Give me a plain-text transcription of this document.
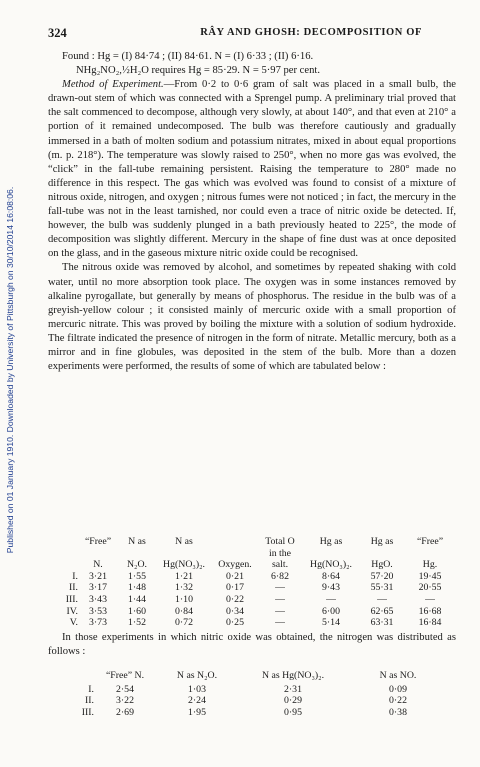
Published on 01 January 1910. Downloaded by University of Pittsburgh on 30/10/2014 16:08:06.
324	RÂY AND GHOSH: DECOMPOSITION OF

Found : Hg = (I) 84·74 ; (II) 84·61. N = (I) 6·33 ; (II) 6·16.

NHg₂NO₂,½H₂O requires Hg = 85·29. N = 5·97 per cent.

Method of Experiment.—From 0·2 to 0·6 gram of salt was placed in a small bulb, the drawn-out stem of which was connected with a Sprengel pump. A preliminary trial proved that the salt commenced to decompose, although very slowly, at about 140°, and that even at 210° a portion of it remained undecomposed. The bulb was therefore cautiously and gradually immersed in a bath of molten sodium and potassium nitrates, mixed in about equal proportions (m. p. 218°). The temperature was slowly raised to 250°, when no more gas was evolved, the “click” in the fall-tube remaining persistent. Raising the temperature to 280° made no difference in this respect. The gas which was evolved was found to consist of a mixture of nitrous oxide, nitrogen, and oxygen ; nitrous fumes were not noticed ; in fact, the mercury in the fall-tube was not in the least tarnished, nor could even a trace of nitric oxide be detected. If, however, the bulb was suddenly plunged in a bath previously heated to 225°, the mode of decomposition was slightly different. Mercury in the shape of fine dust was at once deposited on the glass, and in the gaseous mixture nitric oxide could be recognised.

The nitrous oxide was removed by alcohol, and sometimes by repeated shaking with cold water, until no more absorption took place. The oxygen was in some instances removed by alkaline pyrogallate, but generally by means of phosphorus. The residue in the bulb was of a greyish-yellow colour ; it consisted mainly of mercuric oxide with a small proportion of mercuric nitrate. This was proved by boiling the mixture with a solution of sodium hydroxide. The filtrate indicated the presence of nitrogen in the form of nitrate. Metallic mercury, both as a mirror and in fine globules, was deposited in the stem of the bulb. More than a dozen experiments were performed, the results of some of which are tabulated below :

	“Free”	N as	N as		Total O	Hg as	Hg as	“Free”
					in the			
	N.	N₂O.	Hg(NO₃)₂.	Oxygen.	salt.	Hg(NO₃)₂.	HgO.	Hg.
I.	3·21	1·55	1·21	0·21	6·82	8·64	57·20	19·45
II.	3·17	1·48	1·32	0·17	—	9·43	55·31	20·55
III.	3·43	1·44	1·10	0·22	—	—	—	—
IV.	3·53	1·60	0·84	0·34	—	6·00	62·65	16·68
V.	3·73	1·52	0·72	0·25	—	5·14	63·31	16·84

In those experiments in which nitric oxide was obtained, the nitrogen was distributed as follows :

	“Free” N.	N as N₂O.	N as Hg(NO₃)₂.	N as NO.
I.	2·54	1·03	2·31	0·09
II.	3·22	2·24	0·29	0·22
III.	2·69	1·95	0·95	0·38
